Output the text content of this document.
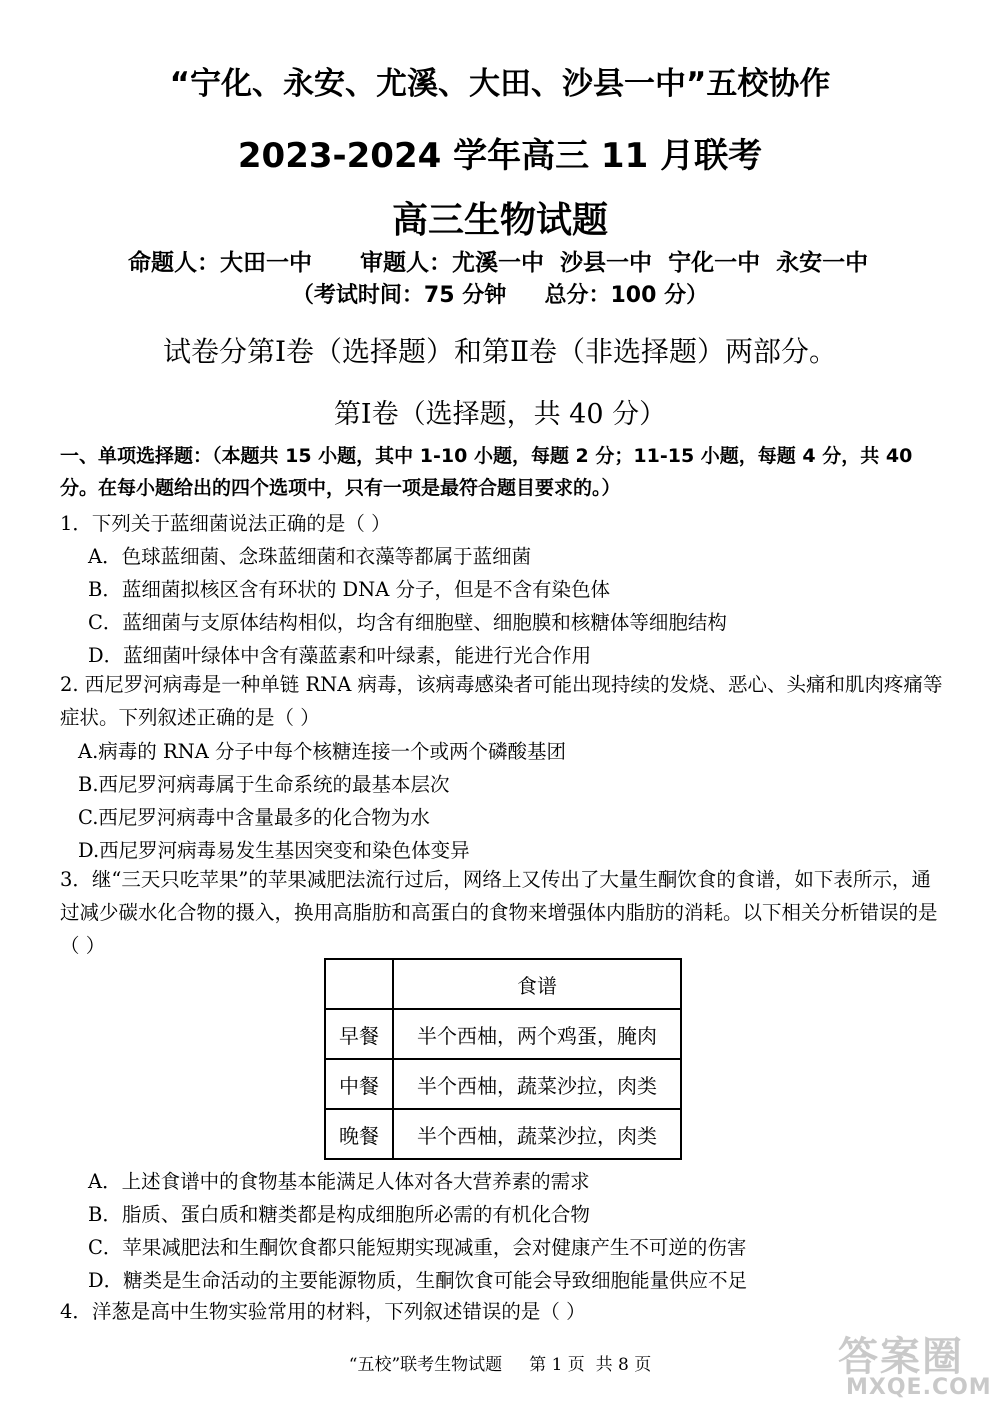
“宁化、永安、尤溪、大田、沙县一中”五校协作
2023-2024 学年高三 11 月联考
高三生物试题
命题人：大田一中      审题人：尤溪一中  沙县一中  宁化一中  永安一中
（考试时间：75 分钟     总分：100 分）
试卷分第Ⅰ卷（选择题）和第Ⅱ卷（非选择题）两部分。
第Ⅰ卷（选择题，共 40 分）
一、单项选择题：（本题共 15 小题，其中 1-10 小题，每题 2 分；11-15 小题，每题 4 分，共 40 分。在每小题给出的四个选项中，只有一项是最符合题目要求的。）
1．下列关于蓝细菌说法正确的是（ ）
A．色球蓝细菌、念珠蓝细菌和衣藻等都属于蓝细菌
B．蓝细菌拟核区含有环状的 DNA 分子，但是不含有染色体
C．蓝细菌与支原体结构相似，均含有细胞壁、细胞膜和核糖体等细胞结构
D．蓝细菌叶绿体中含有藻蓝素和叶绿素，能进行光合作用
2. 西尼罗河病毒是一种单链 RNA 病毒，该病毒感染者可能出现持续的发烧、恶心、头痛和肌肉疼痛等症状。下列叙述正确的是（ ）
A.病毒的 RNA 分子中每个核糖连接一个或两个磷酸基团
B.西尼罗河病毒属于生命系统的最基本层次
C.西尼罗河病毒中含量最多的化合物为水
D.西尼罗河病毒易发生基因突变和染色体变异
3．继“三天只吃苹果”的苹果减肥法流行过后，网络上又传出了大量生酮饮食的食谱，如下表所示，通过减少碳水化合物的摄入，换用高脂肪和高蛋白的食物来增强体内脂肪的消耗。以下相关分析错误的是（ ）
	食谱
早餐	半个西柚，两个鸡蛋，腌肉
中餐	半个西柚，蔬菜沙拉，肉类
晚餐	半个西柚，蔬菜沙拉，肉类
A．上述食谱中的食物基本能满足人体对各大营养素的需求
B．脂质、蛋白质和糖类都是构成细胞所必需的有机化合物
C．苹果减肥法和生酮饮食都只能短期实现减重，会对健康产生不可逆的伤害
D．糖类是生命活动的主要能源物质，生酮饮食可能会导致细胞能量供应不足
4．洋葱是高中生物实验常用的材料，下列叙述错误的是（ ）
“五校”联考生物试题     第 1 页  共 8 页	答案圈
MXQE.COM
